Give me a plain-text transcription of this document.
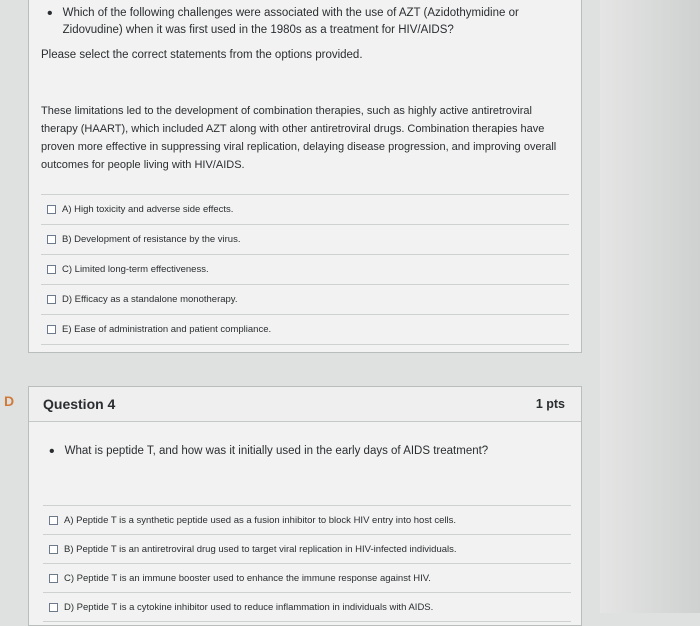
• Which of the following challenges were associated with the use of AZT (Azidothymidine or Zidovudine) when it was first used in the 1980s as a treatment for HIV/AIDS?
Please select the correct statements from the options provided.
These limitations led to the development of combination therapies, such as highly active antiretroviral therapy (HAART), which included AZT along with other antiretroviral drugs. Combination therapies have proven more effective in suppressing viral replication, delaying disease progression, and improving overall outcomes for people living with HIV/AIDS.
A) High toxicity and adverse side effects.
B) Development of resistance by the virus.
C) Limited long-term effectiveness.
D) Efficacy as a standalone monotherapy.
E) Ease of administration and patient compliance.
D Question 4	1 pts
• What is peptide T, and how was it initially used in the early days of AIDS treatment?
A) Peptide T is a synthetic peptide used as a fusion inhibitor to block HIV entry into host cells.
B) Peptide T is an antiretroviral drug used to target viral replication in HIV-infected individuals.
C) Peptide T is an immune booster used to enhance the immune response against HIV.
D) Peptide T is a cytokine inhibitor used to reduce inflammation in individuals with AIDS.
